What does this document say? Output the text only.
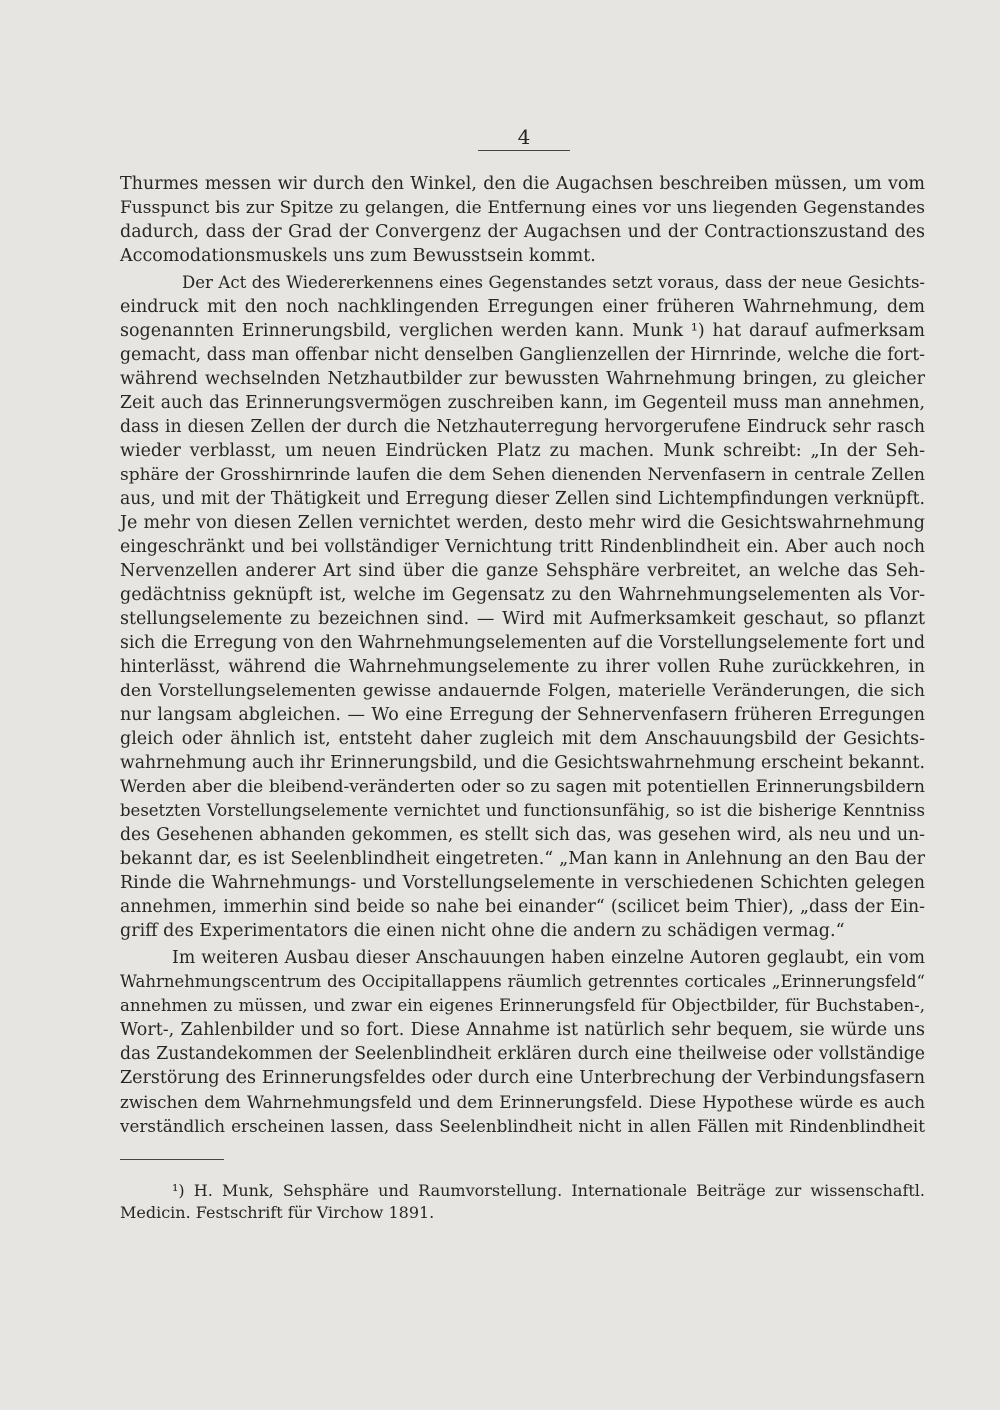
4
Thurmes messen wir durch den Winkel, den die Augachsen beschreiben müssen, um vom
Fusspunct bis zur Spitze zu gelangen, die Entfernung eines vor uns liegenden Gegenstandes
dadurch, dass der Grad der Convergenz der Augachsen und der Contractionszustand des
Accomodationsmuskels uns zum Bewusstsein kommt.
Der Act des Wiedererkennens eines Gegenstandes setzt voraus, dass der neue Gesichts-
eindruck mit den noch nachklingenden Erregungen einer früheren Wahrnehmung, dem
sogenannten Erinnerungsbild, verglichen werden kann. Munk ¹) hat darauf aufmerksam
gemacht, dass man offenbar nicht denselben Ganglienzellen der Hirnrinde, welche die fort-
während wechselnden Netzhautbilder zur bewussten Wahrnehmung bringen, zu gleicher
Zeit auch das Erinnerungsvermögen zuschreiben kann, im Gegenteil muss man annehmen,
dass in diesen Zellen der durch die Netzhauterregung hervorgerufene Eindruck sehr rasch
wieder verblasst, um neuen Eindrücken Platz zu machen. Munk schreibt: „In der Seh-
sphäre der Grosshirnrinde laufen die dem Sehen dienenden Nervenfasern in centrale Zellen
aus, und mit der Thätigkeit und Erregung dieser Zellen sind Lichtempfindungen verknüpft.
Je mehr von diesen Zellen vernichtet werden, desto mehr wird die Gesichtswahrnehmung
eingeschränkt und bei vollständiger Vernichtung tritt Rindenblindheit ein. Aber auch noch
Nervenzellen anderer Art sind über die ganze Sehsphäre verbreitet, an welche das Seh-
gedächtniss geknüpft ist, welche im Gegensatz zu den Wahrnehmungselementen als Vor-
stellungselemente zu bezeichnen sind. — Wird mit Aufmerksamkeit geschaut, so pflanzt
sich die Erregung von den Wahrnehmungselementen auf die Vorstellungselemente fort und
hinterlässt, während die Wahrnehmungselemente zu ihrer vollen Ruhe zurückkehren, in
den Vorstellungselementen gewisse andauernde Folgen, materielle Veränderungen, die sich
nur langsam abgleichen. — Wo eine Erregung der Sehnervenfasern früheren Erregungen
gleich oder ähnlich ist, entsteht daher zugleich mit dem Anschauungsbild der Gesichts-
wahrnehmung auch ihr Erinnerungsbild, und die Gesichtswahrnehmung erscheint bekannt.
Werden aber die bleibend-veränderten oder so zu sagen mit potentiellen Erinnerungsbildern
besetzten Vorstellungselemente vernichtet und functionsunfähig, so ist die bisherige Kenntniss
des Gesehenen abhanden gekommen, es stellt sich das, was gesehen wird, als neu und un-
bekannt dar, es ist Seelenblindheit eingetreten.“ „Man kann in Anlehnung an den Bau der
Rinde die Wahrnehmungs- und Vorstellungselemente in verschiedenen Schichten gelegen
annehmen, immerhin sind beide so nahe bei einander“ (scilicet beim Thier), „dass der Ein-
griff des Experimentators die einen nicht ohne die andern zu schädigen vermag.“
Im weiteren Ausbau dieser Anschauungen haben einzelne Autoren geglaubt, ein vom
Wahrnehmungscentrum des Occipitallappens räumlich getrenntes corticales „Erinnerungsfeld“
annehmen zu müssen, und zwar ein eigenes Erinnerungsfeld für Objectbilder, für Buchstaben-,
Wort-, Zahlenbilder und so fort. Diese Annahme ist natürlich sehr bequem, sie würde uns
das Zustandekommen der Seelenblindheit erklären durch eine theilweise oder vollständige
Zerstörung des Erinnerungsfeldes oder durch eine Unterbrechung der Verbindungsfasern
zwischen dem Wahrnehmungsfeld und dem Erinnerungsfeld. Diese Hypothese würde es auch
verständlich erscheinen lassen, dass Seelenblindheit nicht in allen Fällen mit Rindenblindheit
¹) H. Munk, Sehsphäre und Raumvorstellung. Internationale Beiträge zur wissenschaftl.
Medicin. Festschrift für Virchow 1891.
